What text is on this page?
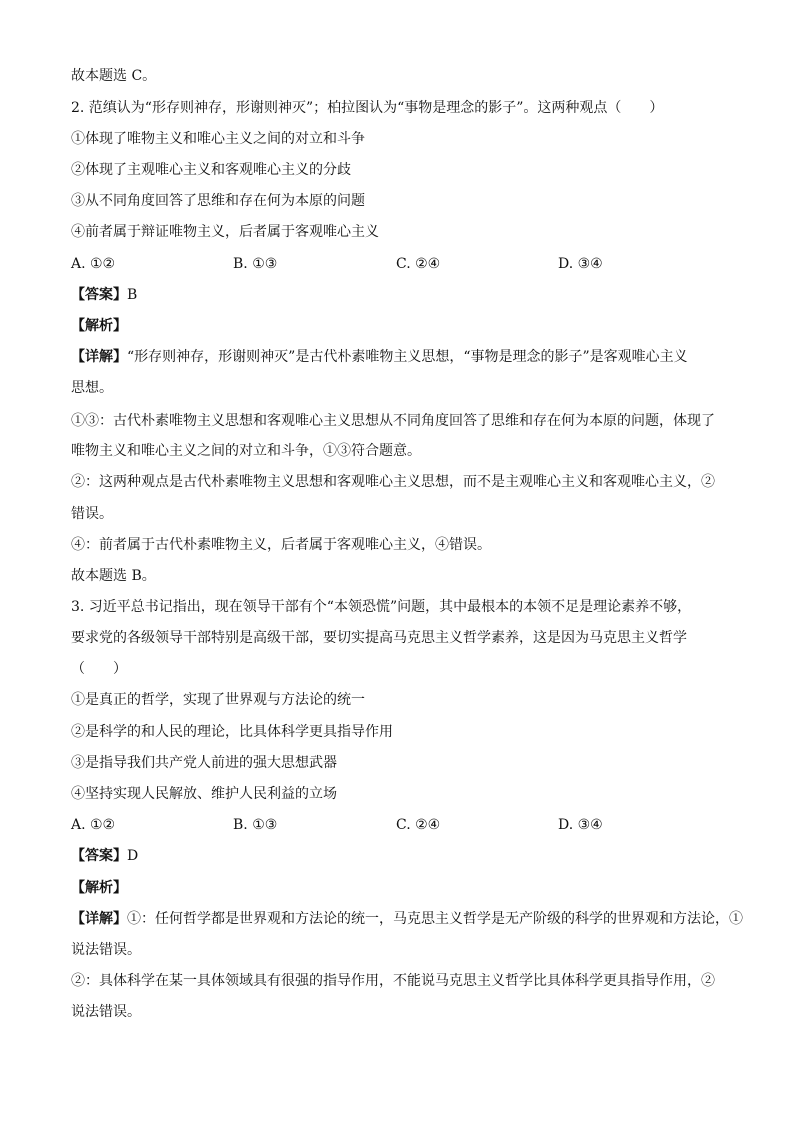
故本题选 C。
2. 范缜认为“形存则神存，形谢则神灭”；柏拉图认为“事物是理念的影子”。这两种观点（　　）
①体现了唯物主义和唯心主义之间的对立和斗争
②体现了主观唯心主义和客观唯心主义的分歧
③从不同角度回答了思维和存在何为本原的问题
④前者属于辩证唯物主义，后者属于客观唯心主义
A. ①②	B. ①③	C. ②④	D. ③④
【答案】B
【解析】
【详解】“形存则神存，形谢则神灭”是古代朴素唯物主义思想，“事物是理念的影子”是客观唯心主义
思想。
①③：古代朴素唯物主义思想和客观唯心主义思想从不同角度回答了思维和存在何为本原的问题，体现了
唯物主义和唯心主义之间的对立和斗争，①③符合题意。
②：这两种观点是古代朴素唯物主义思想和客观唯心主义思想，而不是主观唯心主义和客观唯心主义，②
错误。
④：前者属于古代朴素唯物主义，后者属于客观唯心主义，④错误。
故本题选 B。
3. 习近平总书记指出，现在领导干部有个“本领恐慌”问题，其中最根本的本领不足是理论素养不够，
要求党的各级领导干部特别是高级干部，要切实提高马克思主义哲学素养，这是因为马克思主义哲学
（　　）
①是真正的哲学，实现了世界观与方法论的统一
②是科学的和人民的理论，比具体科学更具指导作用
③是指导我们共产党人前进的强大思想武器
④坚持实现人民解放、维护人民利益的立场
A. ①②	B. ①③	C. ②④	D. ③④
【答案】D
【解析】
【详解】①：任何哲学都是世界观和方法论的统一，马克思主义哲学是无产阶级的科学的世界观和方法论，①
说法错误。
②：具体科学在某一具体领域具有很强的指导作用，不能说马克思主义哲学比具体科学更具指导作用，②
说法错误。
